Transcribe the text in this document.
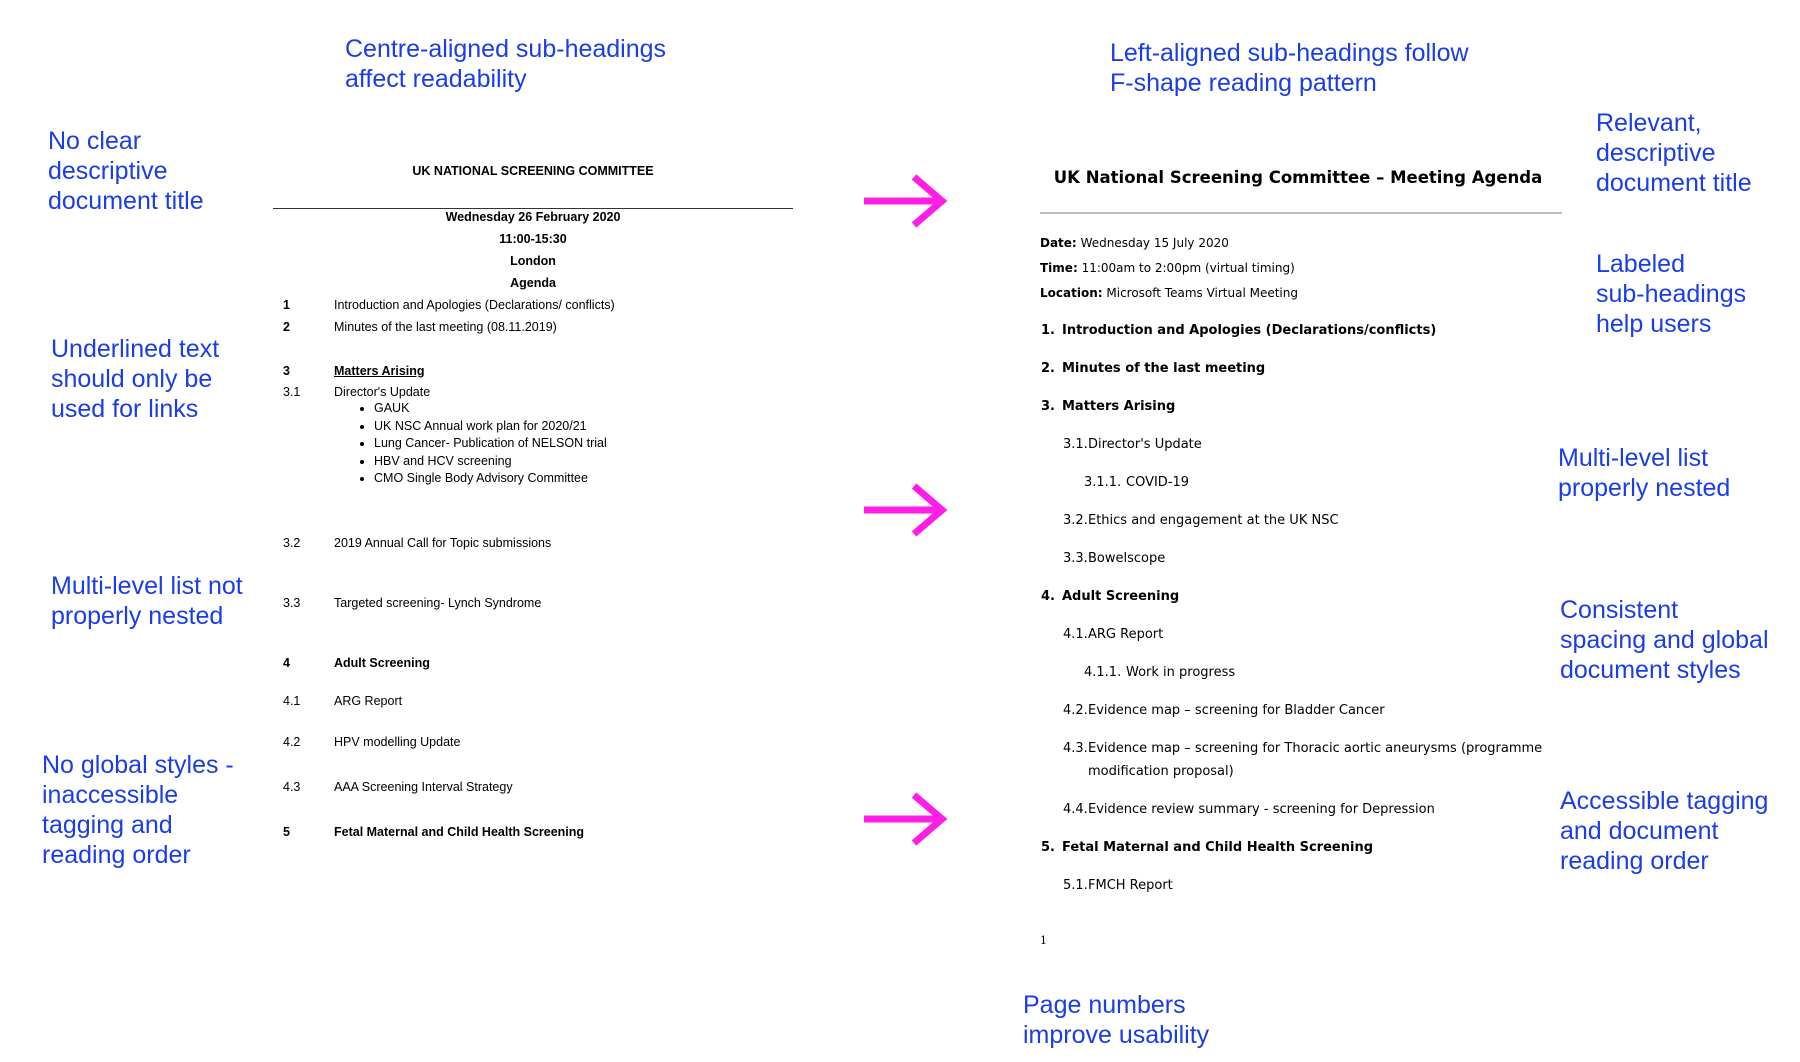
Centre-aligned sub-headings
affect readability
No clear
descriptive
document title
Underlined text
should only be
used for links
Multi-level list not
properly nested
No global styles -
inaccessible
tagging and
reading order
UK NATIONAL SCREENING COMMITTEE
Wednesday 26 February 2020
11:00-15:30
London
Agenda
1	Introduction and Apologies (Declarations/ conflicts)
2	Minutes of the last meeting (08.11.2019)
3	Matters Arising
3.1	Director's Update
• GAUK
• UK NSC Annual work plan for 2020/21
• Lung Cancer- Publication of NELSON trial
• HBV and HCV screening
• CMO Single Body Advisory Committee
3.2	2019 Annual Call for Topic submissions
3.3	Targeted screening- Lynch Syndrome
4	Adult Screening
4.1	ARG Report
4.2	HPV modelling Update
4.3	AAA Screening Interval Strategy
5	Fetal Maternal and Child Health Screening
UK National Screening Committee – Meeting Agenda
Date: Wednesday 15 July 2020
Time: 11:00am to 2:00pm (virtual timing)
Location: Microsoft Teams Virtual Meeting
1. Introduction and Apologies (Declarations/conflicts)
2. Minutes of the last meeting
3. Matters Arising
3.1. Director's Update
3.1.1. COVID-19
3.2. Ethics and engagement at the UK NSC
3.3. Bowelscope
4. Adult Screening
4.1. ARG Report
4.1.1. Work in progress
4.2. Evidence map – screening for Bladder Cancer
4.3. Evidence map – screening for Thoracic aortic aneurysms (programme
modification proposal)
4.4. Evidence review summary - screening for Depression
5. Fetal Maternal and Child Health Screening
5.1. FMCH Report
1
Left-aligned sub-headings follow
F-shape reading pattern
Relevant,
descriptive
document title
Labeled
sub-headings
help users
Multi-level list
properly nested
Consistent
spacing and global
document styles
Accessible tagging
and document
reading order
Page numbers
improve usability
